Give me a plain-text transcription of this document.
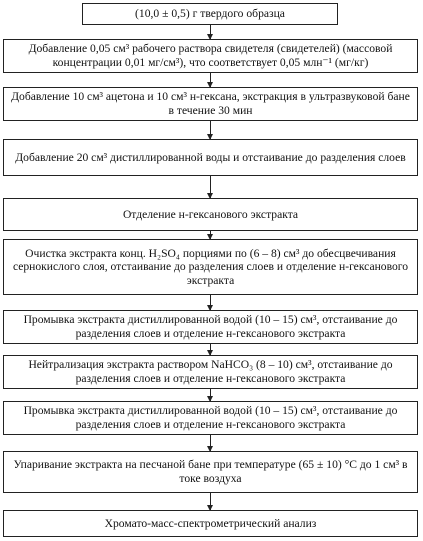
(10,0 ± 0,5) г твердого образца
Добавление 0,05 см³ рабочего раствора свидетеля (свидетелей) (массовой концентрации 0,01 мг/см³), что соответствует 0,05 млн⁻¹ (мг/кг)
Добавление 10 см³ ацетона и 10 см³ н-гексана, экстракция в ультразвуковой бане в течение 30 мин
Добавление 20 см³ дистиллированной воды и отстаивание до разделения слоев
Отделение н-гексанового экстракта
Очистка экстракта конц. H₂SO₄ порциями по (6 – 8) см³ до обесцвечивания сернокислого слоя, отстаивание до разделения слоев и отделение н-гексанового экстракта
Промывка экстракта дистиллированной водой (10 – 15) см³, отстаивание до разделения слоев и отделение н-гексанового экстракта
Нейтрализация экстракта раствором NaHCO₃ (8 – 10) см³, отстаивание до разделения слоев и отделение н-гексанового экстракта
Промывка экстракта дистиллированной водой (10 – 15) см³, отстаивание до разделения слоев и отделение н-гексанового экстракта
Упаривание экстракта на песчаной бане при температуре (65 ± 10) °С до 1 см³ в токе воздуха
Хромато-масс-спектрометрический анализ
